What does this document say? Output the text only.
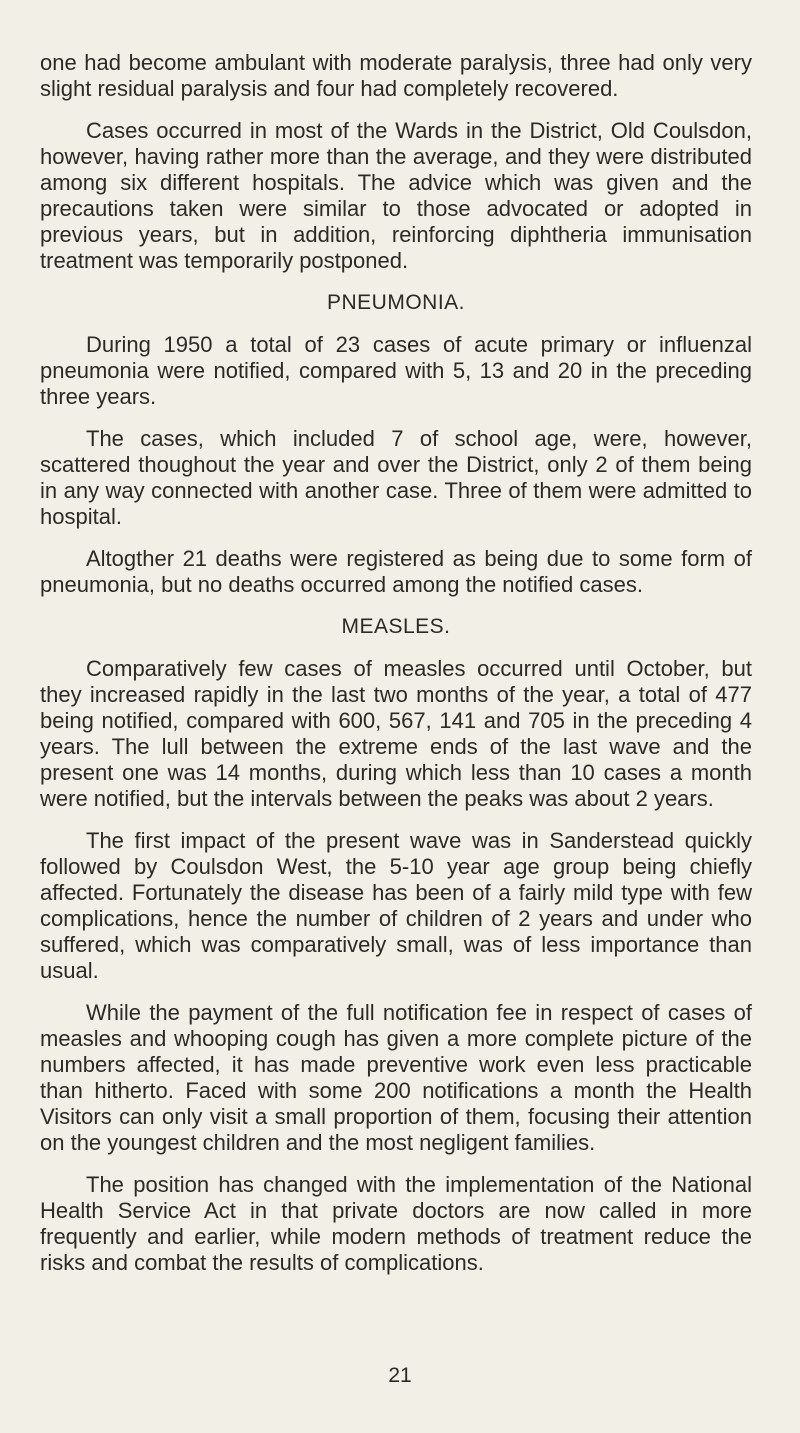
one had become ambulant with moderate paralysis, three had only very slight residual paralysis and four had completely recovered.

Cases occurred in most of the Wards in the District, Old Coulsdon, however, having rather more than the average, and they were distributed among six different hospitals. The advice which was given and the precautions taken were similar to those advocated or adopted in previous years, but in addition, reinforcing diphtheria immunisation treatment was temporarily postponed.

PNEUMONIA.

During 1950 a total of 23 cases of acute primary or influenzal pneumonia were notified, compared with 5, 13 and 20 in the preceding three years.

The cases, which included 7 of school age, were, however, scattered thoughout the year and over the District, only 2 of them being in any way connected with another case. Three of them were admitted to hospital.

Altogther 21 deaths were registered as being due to some form of pneumonia, but no deaths occurred among the notified cases.

MEASLES.

Comparatively few cases of measles occurred until October, but they increased rapidly in the last two months of the year, a total of 477 being notified, compared with 600, 567, 141 and 705 in the preceding 4 years. The lull between the extreme ends of the last wave and the present one was 14 months, during which less than 10 cases a month were notified, but the intervals between the peaks was about 2 years.

The first impact of the present wave was in Sanderstead quickly followed by Coulsdon West, the 5-10 year age group being chiefly affected. Fortunately the disease has been of a fairly mild type with few complications, hence the number of children of 2 years and under who suffered, which was comparatively small, was of less importance than usual.

While the payment of the full notification fee in respect of cases of measles and whooping cough has given a more complete picture of the numbers affected, it has made preventive work even less practicable than hitherto. Faced with some 200 notifications a month the Health Visitors can only visit a small proportion of them, focusing their attention on the youngest children and the most negligent families.

The position has changed with the implementation of the National Health Service Act in that private doctors are now called in more frequently and earlier, while modern methods of treatment reduce the risks and combat the results of complications.

21
